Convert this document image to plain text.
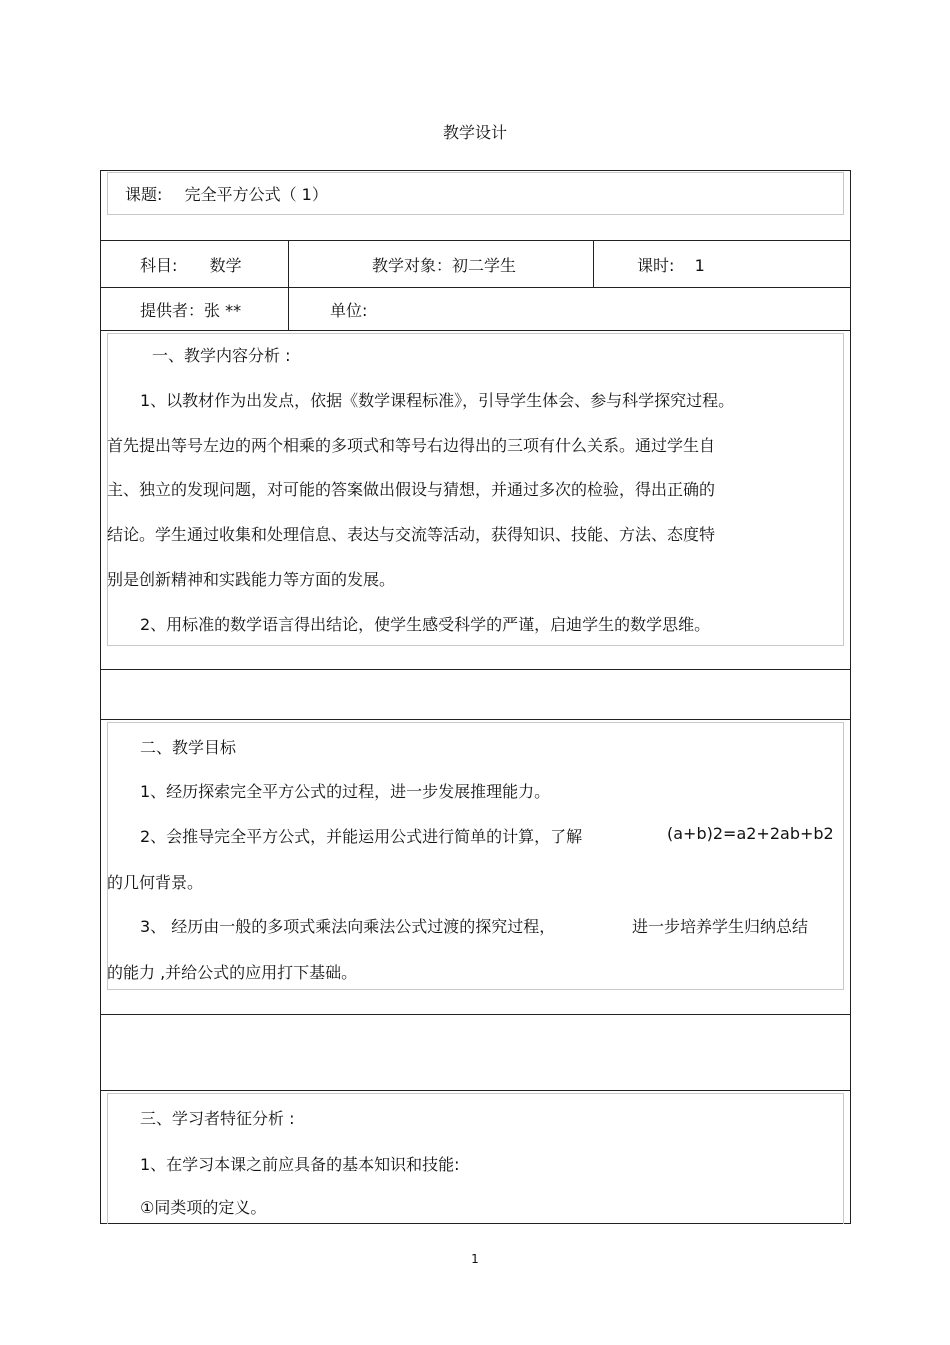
教学设计
课题: 完全平方公式（ 1）
科目: 数学	教学对象：初二学生	课时: 1
提供者：张 **	单位:
一、教学内容分析 :
1、以教材作为出发点，依据《数学课程标准》，引导学生体会、参与科学探究过程。
首先提出等号左边的两个相乘的多项式和等号右边得出的三项有什么关系。通过学生自
主、独立的发现问题，对可能的答案做出假设与猜想，并通过多次的检验，得出正确的
结论。学生通过收集和处理信息、表达与交流等活动，获得知识、技能、方法、态度特
别是创新精神和实践能力等方面的发展。
2、用标准的数学语言得出结论，使学生感受科学的严谨，启迪学生的数学思维。
二、教学目标
1、经历探索完全平方公式的过程，进一步发展推理能力。
2、会推导完全平方公式，并能运用公式进行简单的计算，了解	(a+b)2=a2+2ab+b2
的几何背景。
3、 经历由一般的多项式乘法向乘法公式过渡的探究过程，	进一步培养学生归纳总结
的能力 ,并给公式的应用打下基础。
三、学习者特征分析 :
1、在学习本课之前应具备的基本知识和技能:
①同类项的定义。
1
